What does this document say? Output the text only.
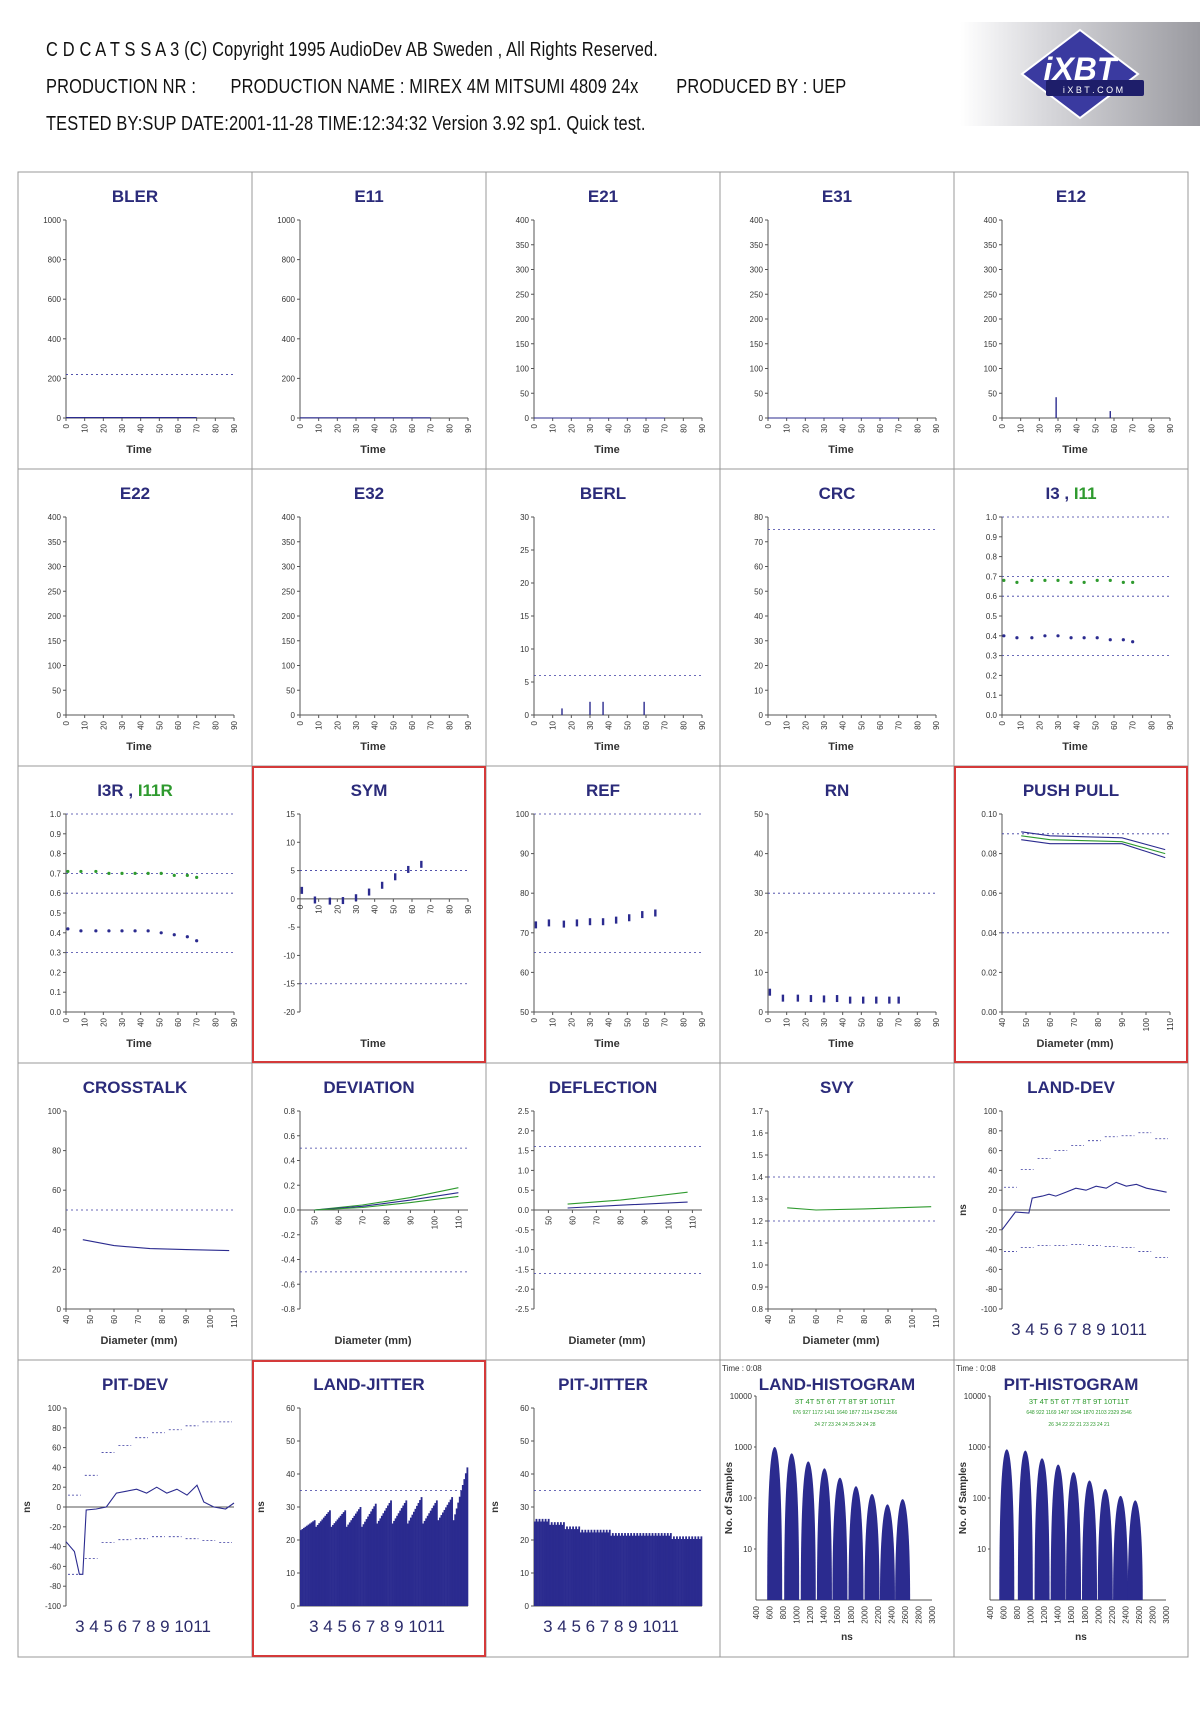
C D C A T S S A 3 (C) Copyright 1995 AudioDev AB Sweden , All Rights Reserved.
PRODUCTION NR : PRODUCTION NAME : MIREX 4M MITSUMI 4809 24x PRODUCED BY : UEP
TESTED BY:SUP DATE:2001-11-28 TIME:12:34:32 Version 3.92 sp1. Quick test.
iXBT
i X B T . C O M
BLER
0
200
400
600
800
1000
0 10 20 30 40 50 60 70 80 90
Time
E11
0
200
400
600
800
1000
0 10 20 30 40 50 60 70 80 90
Time
E21
0
50
100
150
200
250
300
350
400
0 10 20 30 40 50 60 70 80 90
Time
E31
0
50
100
150
200
250
300
350
400
0 10 20 30 40 50 60 70 80 90
Time
E12
0
50
100
150
200
250
300
350
400
0 10 20 30 40 50 60 70 80 90
Time
E22
0
50
100
150
200
250
300
350
400
0 10 20 30 40 50 60 70 80 90
Time
E32
0
50
100
150
200
250
300
350
400
0 10 20 30 40 50 60 70 80 90
Time
BERL
0
5
10
15
20
25
30
0 10 20 30 40 50 60 70 80 90
Time
CRC
0
10
20
30
40
50
60
70
80
0 10 20 30 40 50 60 70 80 90
Time
I3 , I11
0.0
0.1
0.2
0.3
0.4
0.5
0.6
0.7
0.8
0.9
1.0
0 10 20 30 40 50 60 70 80 90
Time
I3R , I11R
0.0
0.1
0.2
0.3
0.4
0.5
0.6
0.7
0.8
0.9
1.0
0 10 20 30 40 50 60 70 80 90
Time
SYM
-20
-15
-10
-5
0
5
10
15
0 10 20 30 40 50 60 70 80 90
Time
REF
50
60
70
80
90
100
0 10 20 30 40 50 60 70 80 90
Time
RN
0
10
20
30
40
50
0 10 20 30 40 50 60 70 80 90
Time
PUSH PULL
0.00
0.02
0.04
0.06
0.08
0.10
40 50 60 70 80 90 100 110
Diameter (mm)
CROSSTALK
0
20
40
60
80
100
40 50 60 70 80 90 100 110
Diameter (mm)
DEVIATION
-0.8
-0.6
-0.4
-0.2
0.0
0.2
0.4
0.6
0.8
50 60 70 80 90 100 110
Diameter (mm)
DEFLECTION
-2.5
-2.0
-1.5
-1.0
-0.5
0.0
0.5
1.0
1.5
2.0
2.5
50 60 70 80 90 100 110
Diameter (mm)
SVY
0.8
0.9
1.0
1.1
1.2
1.3
1.4
1.5
1.6
1.7
40 50 60 70 80 90 100 110
Diameter (mm)
LAND-DEV
-100
-80
-60
-40
-20
0
20
40
60
80
100
3 4 5 6 7 8 9 1011
ns
PIT-DEV
-100
-80
-60
-40
-20
0
20
40
60
80
100
3 4 5 6 7 8 9 1011
ns
LAND-JITTER
0
10
20
30
40
50
60
3 4 5 6 7 8 9 1011
ns
PIT-JITTER
0
10
20
30
40
50
60
3 4 5 6 7 8 9 1011
ns
LAND-HISTOGRAM
Time : 0:08
3T 4T 5T 6T 7T 8T 9T 10T11T
676 927 1172 1411 1640 1877 2114 2342 2566
24 27 23 24 24 25 24 24 28
10
100
1000
10000
400 600 800 1000 1200 1400 1600 1800 2000 2200 2400 2600 2800 3000
No. of Samples
ns
PIT-HISTOGRAM
Time : 0:08
3T 4T 5T 6T 7T 8T 9T 10T11T
648 922 1169 1407 1634 1870 2103 2329 2546
26 34 22 22 21 23 23 24 21
10
100
1000
10000
400 600 800 1000 1200 1400 1600 1800 2000 2200 2400 2600 2800 3000
No. of Samples
ns
